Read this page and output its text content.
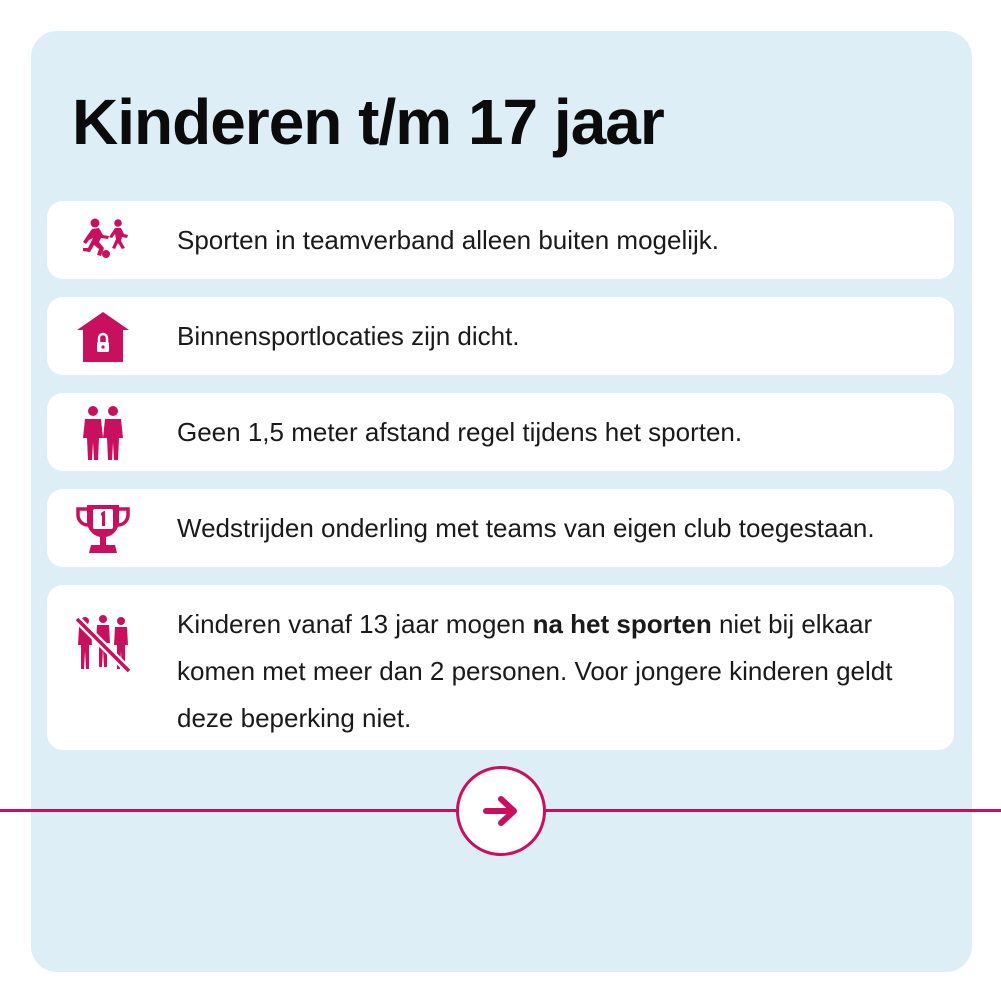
Kinderen t/m 17 jaar
Sporten in teamverband alleen buiten mogelijk.
Binnensportlocaties zijn dicht.
Geen 1,5 meter afstand regel tijdens het sporten.
Wedstrijden onderling met teams van eigen club toegestaan.
Kinderen vanaf 13 jaar mogen na het sporten niet bij elkaar komen met meer dan 2 personen. Voor jongere kinderen geldt deze beperking niet.
